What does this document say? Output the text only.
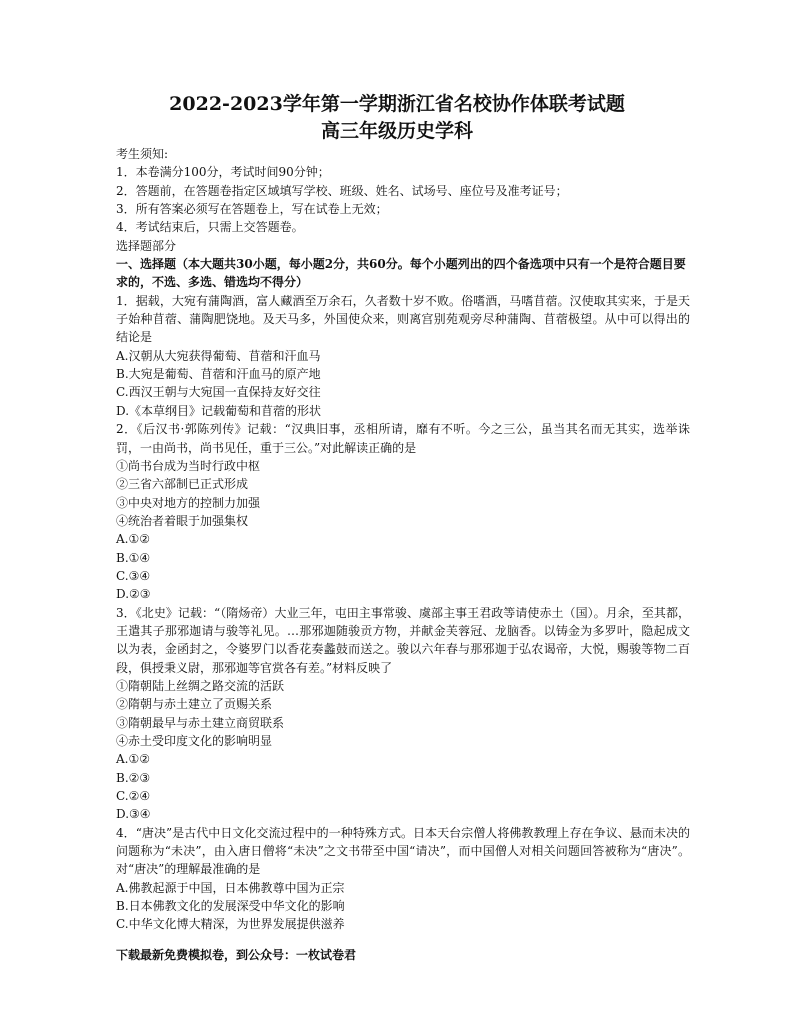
2022-2023学年第一学期浙江省名校协作体联考试题
高三年级历史学科

考生须知:

1．本卷满分100分，考试时间90分钟；

2．答题前，在答题卷指定区域填写学校、班级、姓名、试场号、座位号及准考证号；

3．所有答案必须写在答题卷上，写在试卷上无效；

4．考试结束后，只需上交答题卷。

选择题部分

一、选择题（本大题共30小题，每小题2分，共60分。每个小题列出的四个备选项中只有一个是符合题目要求的，不选、多选、错选均不得分）

1．据载，大宛有蒲陶酒，富人藏酒至万余石，久者数十岁不败。俗嗜酒，马嗜苜蓿。汉使取其实来，于是天子始种苜蓿、蒲陶肥饶地。及天马多，外国使众来，则离宫别苑观旁尽种蒲陶、苜蓿极望。从中可以得出的结论是

A.汉朝从大宛获得葡萄、苜蓿和汗血马

B.大宛是葡萄、苜蓿和汗血马的原产地

C.西汉王朝与大宛国一直保持友好交往

D.《本草纲目》记载葡萄和苜蓿的形状

2．《后汉书·郭陈列传》记载：“汉典旧事，丞相所请，靡有不听。今之三公，虽当其名而无其实，选举诛罚，一由尚书，尚书见任，重于三公。”对此解读正确的是

①尚书台成为当时行政中枢

②三省六部制已正式形成

③中央对地方的控制力加强

④统治者着眼于加强集权

A.①②

B.①④

C.③④

D.②③

3．《北史》记载：“（隋炀帝）大业三年，屯田主事常骏、虞部主事王君政等请使赤土（国）。月余，至其都，王遣其子那邪迦请与骏等礼见。…那邪迦随骏贡方物，并献金芙蓉冠、龙脑香。以铸金为多罗叶，隐起成文以为表，金函封之，令婆罗门以香花奏蠡鼓而送之。骏以六年春与那邪迦于弘农谒帝，大悦，赐骏等物二百段，俱授秉义尉，那邪迦等官赏各有差。”材料反映了

①隋朝陆上丝绸之路交流的活跃

②隋朝与赤土建立了贡赐关系

③隋朝最早与赤土建立商贸联系

④赤土受印度文化的影响明显

A.①②

B.②③

C.②④

D.③④

4．“唐决”是古代中日文化交流过程中的一种特殊方式。日本天台宗僧人将佛教教理上存在争议、悬而未决的问题称为“未决”，由入唐日僧将“未决”之文书带至中国“请决”，而中国僧人对相关问题回答被称为“唐决”。对“唐决”的理解最准确的是

A.佛教起源于中国，日本佛教尊中国为正宗

B.日本佛教文化的发展深受中华文化的影响

C.中华文化博大精深，为世界发展提供滋养

下载最新免费模拟卷，到公众号：一枚试卷君
